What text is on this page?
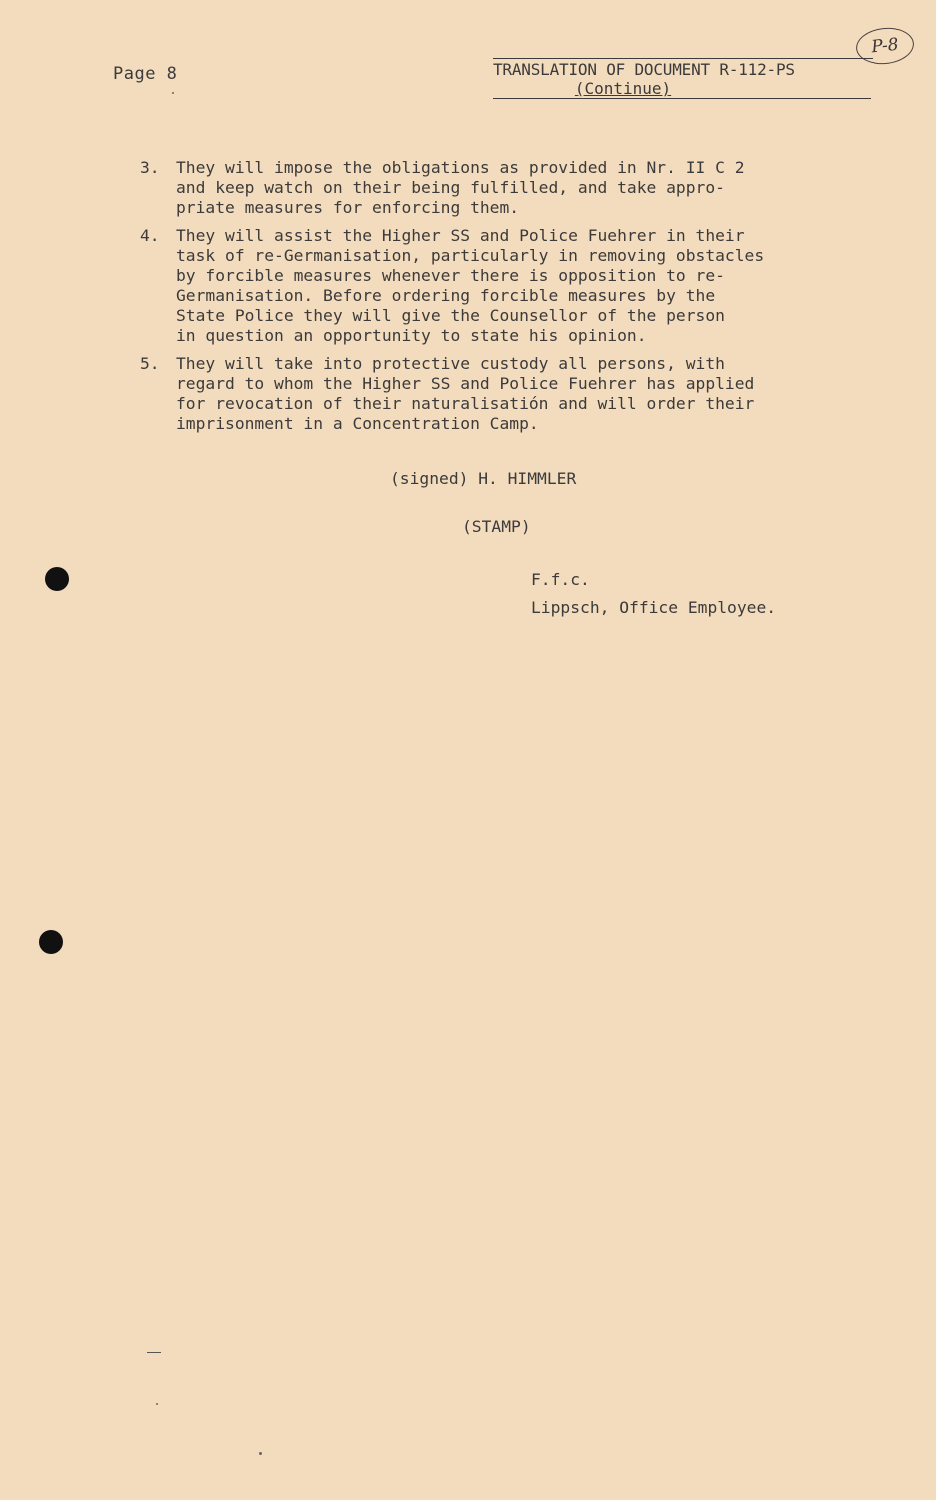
Page 8	TRANSLATION OF DOCUMENT R-112-PS
(Continue)
P-8
3.	They will impose the obligations as provided in Nr. II C 2
and keep watch on their being fulfilled, and take appro-
priate measures for enforcing them.
4.	They will assist the Higher SS and Police Fuehrer in their
task of re-Germanisation, particularly in removing obstacles
by forcible measures whenever there is opposition to re-
Germanisation. Before ordering forcible measures by the
State Police they will give the Counsellor of the person
in question an opportunity to state his opinion.
5.	They will take into protective custody all persons, with
regard to whom the Higher SS and Police Fuehrer has applied
for revocation of their naturalisatión and will order their
imprisonment in a Concentration Camp.
(signed) H. HIMMLER
(STAMP)
F.f.c.
Lippsch, Office Employee.
